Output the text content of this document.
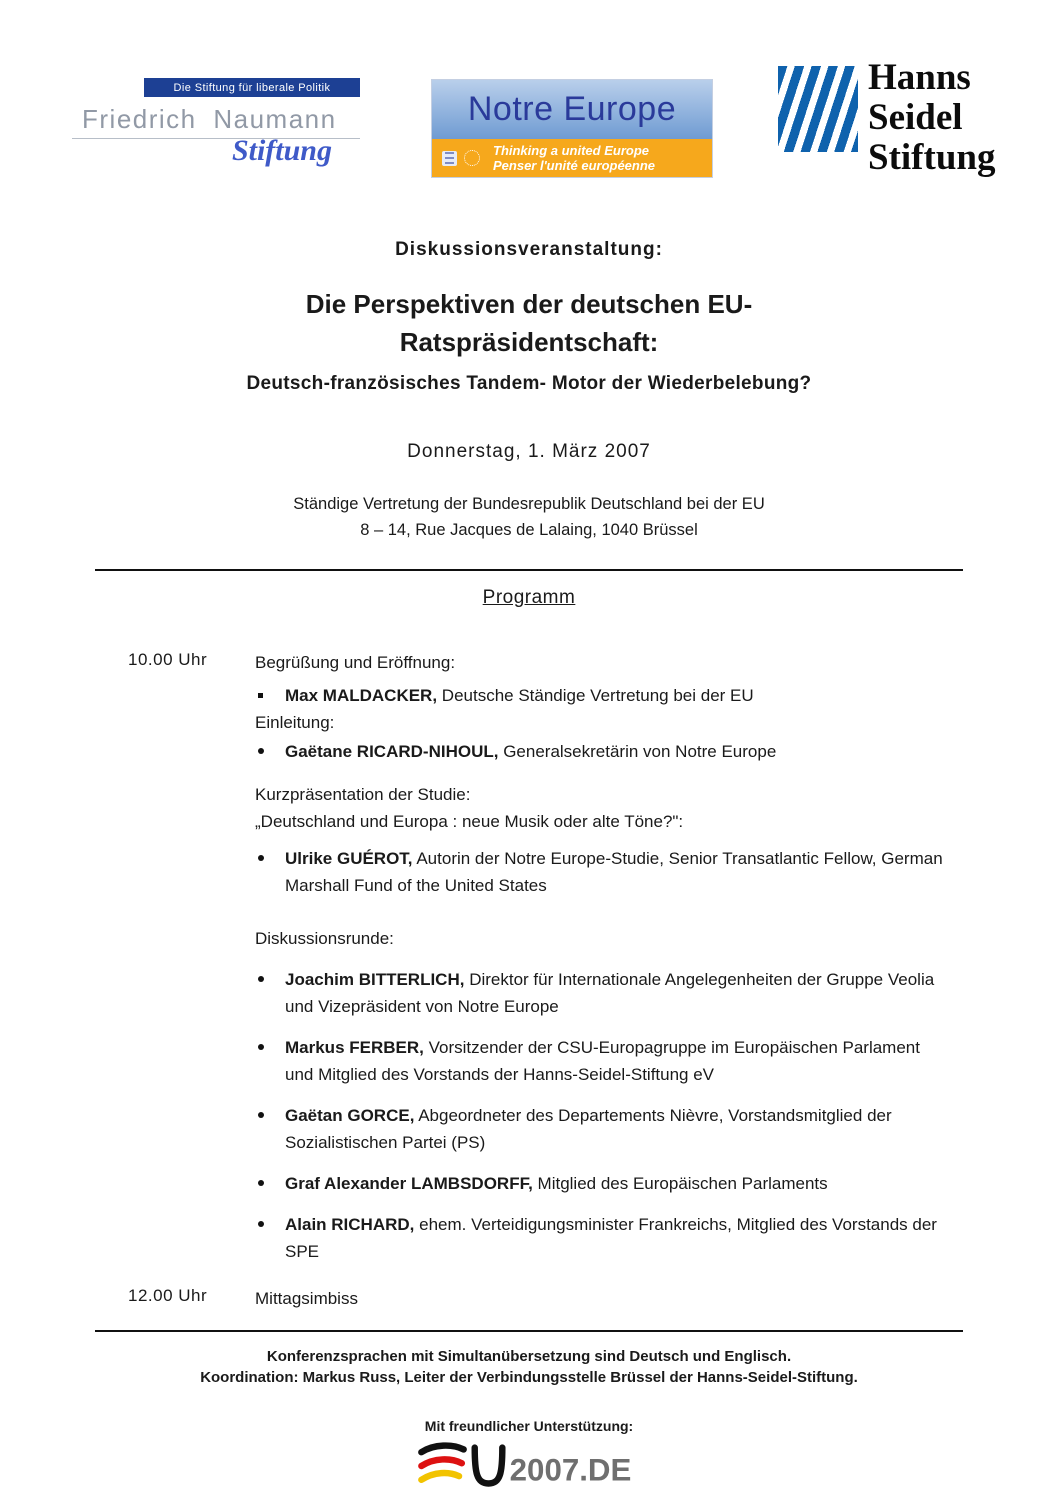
Die Stiftung für liberale Politik
Friedrich Naumann
Stiftung
Notre Europe
Thinking a united Europe
Penser l'unité européenne
Hanns
Seidel
Stiftung
Diskussionsveranstaltung:
Die Perspektiven der deutschen EU-
Ratspräsidentschaft:
Deutsch-französisches Tandem- Motor der Wiederbelebung?
Donnerstag, 1. März 2007
Ständige Vertretung der Bundesrepublik Deutschland bei der EU
8 – 14, Rue Jacques de Lalaing, 1040 Brüssel
Programm
10.00 Uhr	Begrüßung und Eröffnung:
Max MALDACKER, Deutsche Ständige Vertretung bei der EU
Einleitung:
Gaëtane RICARD-NIHOUL, Generalsekretärin von Notre Europe
Kurzpräsentation der Studie:
„Deutschland und Europa : neue Musik oder alte Töne?":
Ulrike GUÉROT, Autorin der Notre Europe-Studie, Senior Transatlantic Fellow, German Marshall Fund of the United States
Diskussionsrunde:
Joachim BITTERLICH, Direktor für Internationale Angelegenheiten der Gruppe Veolia und Vizepräsident von Notre Europe
Markus FERBER, Vorsitzender der CSU-Europagruppe im Europäischen Parlament und Mitglied des Vorstands der Hanns-Seidel-Stiftung eV
Gaëtan GORCE, Abgeordneter des Departements Nièvre, Vorstandsmitglied der Sozialistischen Partei (PS)
Graf Alexander LAMBSDORFF, Mitglied des Europäischen Parlaments
Alain RICHARD, ehem. Verteidigungsminister Frankreichs, Mitglied des Vorstands der SPE
12.00 Uhr	Mittagsimbiss
Konferenzsprachen mit Simultanübersetzung sind Deutsch und Englisch.
Koordination: Markus Russ, Leiter der Verbindungsstelle Brüssel der Hanns-Seidel-Stiftung.
Mit freundlicher Unterstützung:
2007.DE
